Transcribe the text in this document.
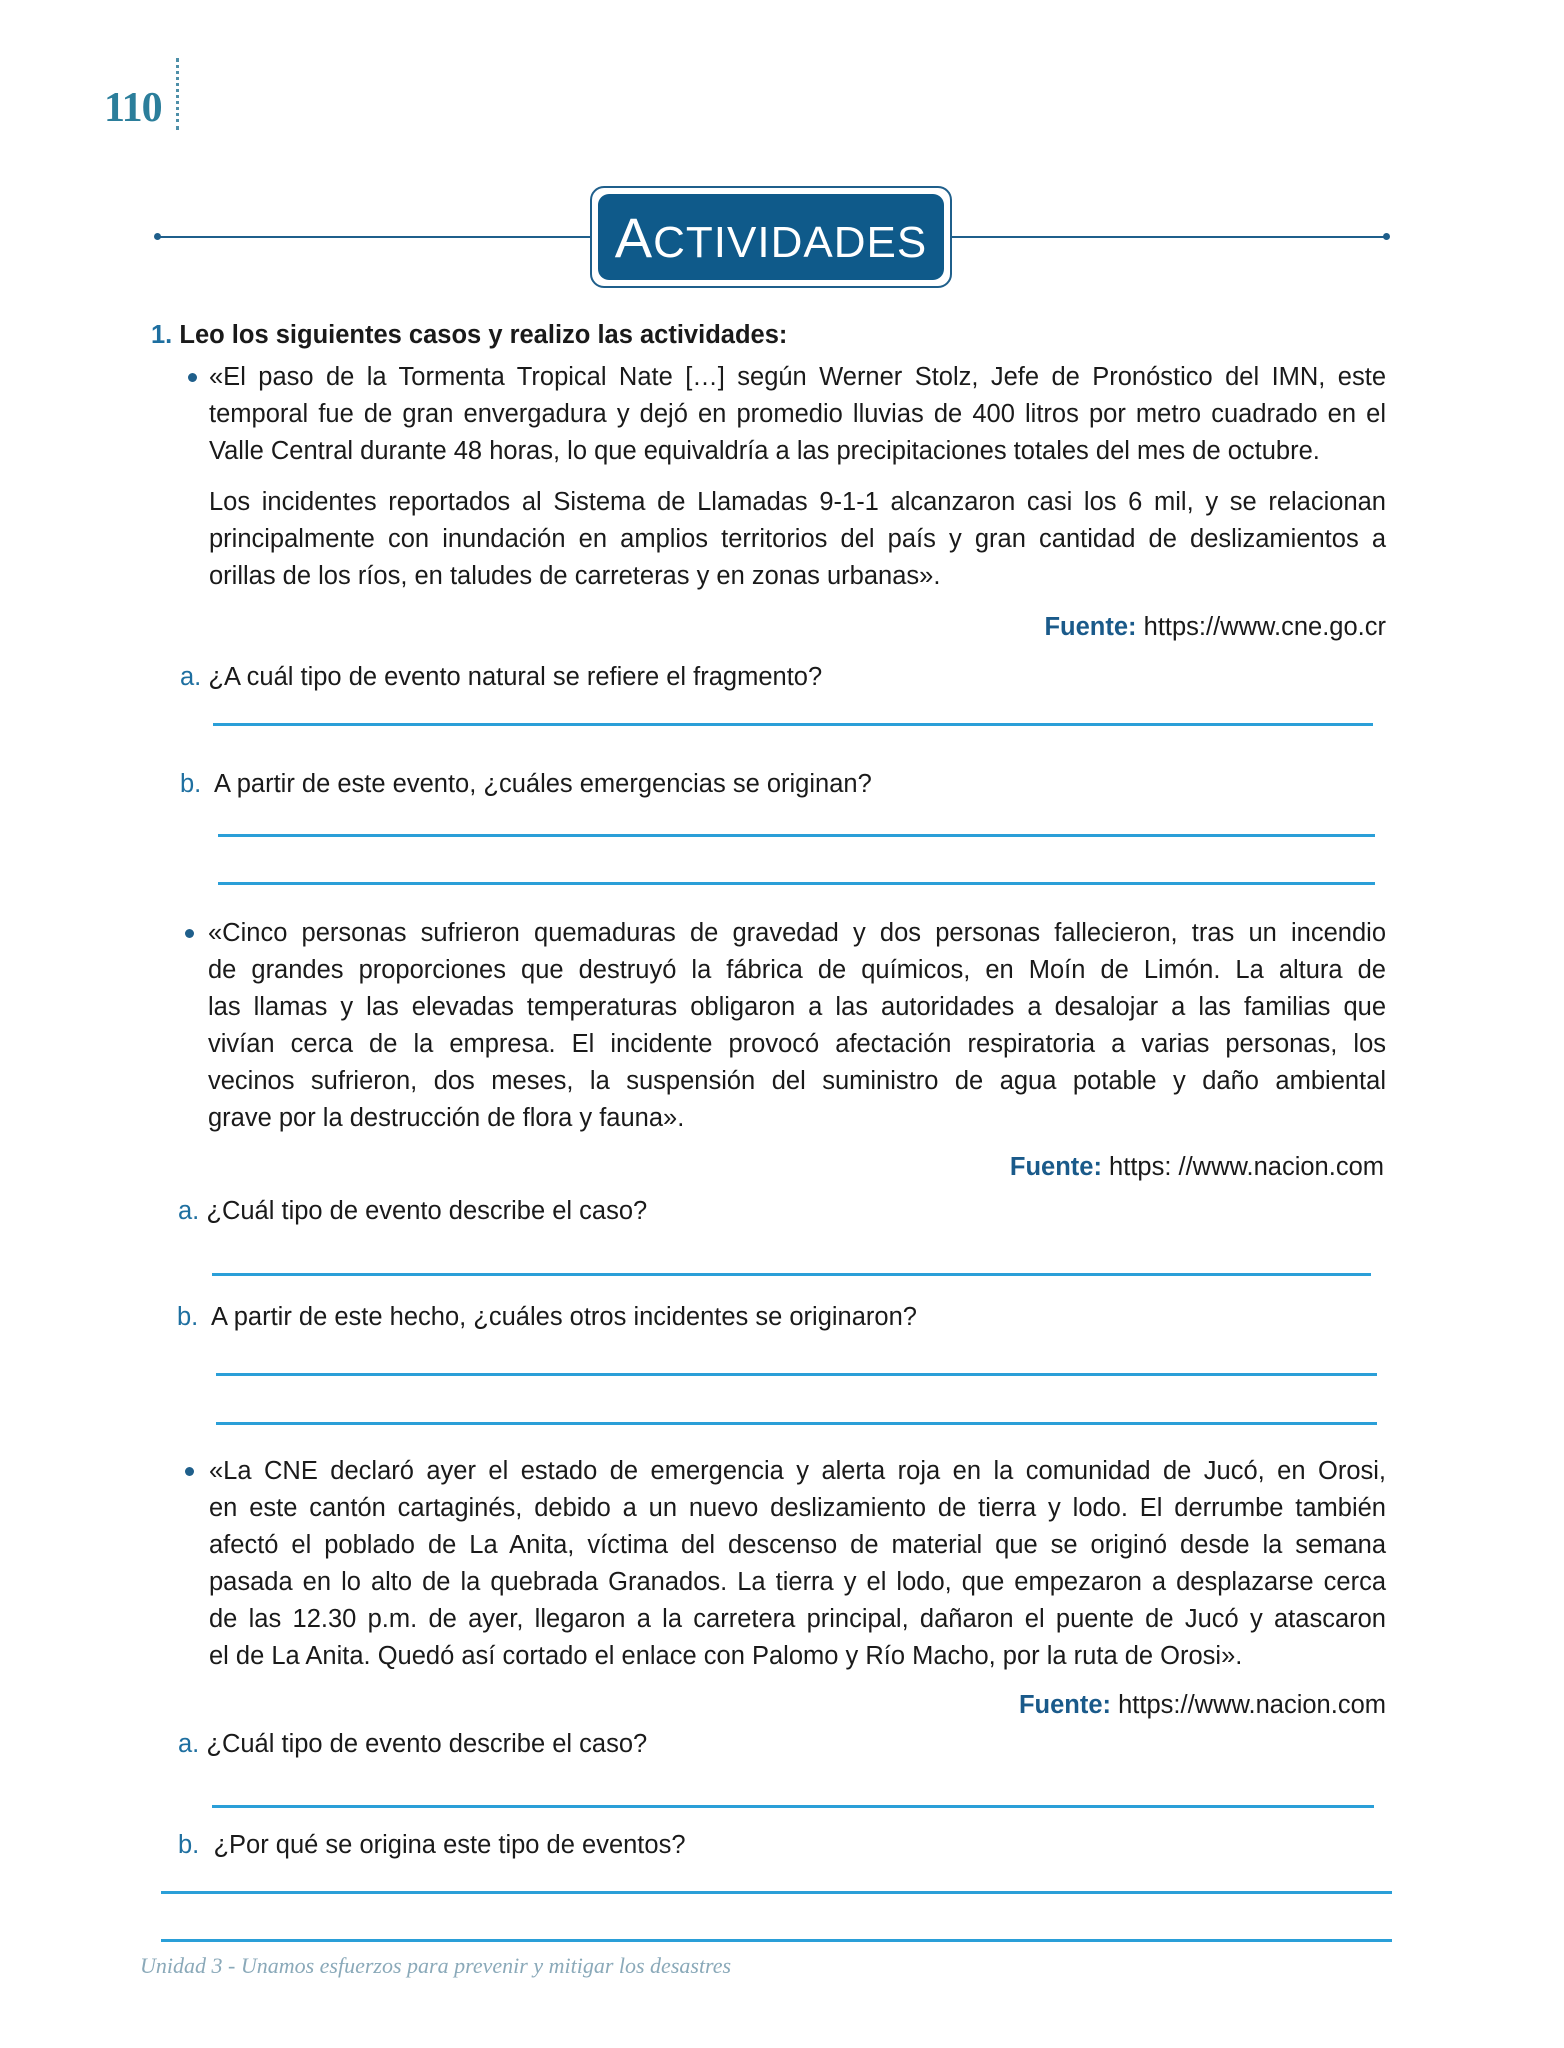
110
ACTIVIDADES
1. Leo los siguientes casos y realizo las actividades:
«El paso de la Tormenta Tropical Nate […] según Werner Stolz, Jefe de Pronóstico del IMN, este
temporal fue de gran envergadura y dejó en promedio lluvias de 400 litros por metro cuadrado en el
Valle Central durante 48 horas, lo que equivaldría a las precipitaciones totales del mes de octubre.
Los incidentes reportados al Sistema de Llamadas 9-1-1 alcanzaron casi los 6 mil, y se relacionan
principalmente con inundación en amplios territorios del país y gran cantidad de deslizamientos a
orillas de los ríos, en taludes de carreteras y en zonas urbanas».
Fuente: https://www.cne.go.cr
a. ¿A cuál tipo de evento natural se refiere el fragmento?
b. A partir de este evento, ¿cuáles emergencias se originan?
«Cinco personas sufrieron quemaduras de gravedad y dos personas fallecieron, tras un incendio
de grandes proporciones que destruyó la fábrica de químicos, en Moín de Limón. La altura de
las llamas y las elevadas temperaturas obligaron a las autoridades a desalojar a las familias que
vivían cerca de la empresa. El incidente provocó afectación respiratoria a varias personas, los
vecinos sufrieron, dos meses, la suspensión del suministro de agua potable y daño ambiental
grave por la destrucción de flora y fauna».
Fuente: https: //www.nacion.com
a. ¿Cuál tipo de evento describe el caso?
b. A partir de este hecho, ¿cuáles otros incidentes se originaron?
«La CNE declaró ayer el estado de emergencia y alerta roja en la comunidad de Jucó, en Orosi,
en este cantón cartaginés, debido a un nuevo deslizamiento de tierra y lodo. El derrumbe también
afectó el poblado de La Anita, víctima del descenso de material que se originó desde la semana
pasada en lo alto de la quebrada Granados. La tierra y el lodo, que empezaron a desplazarse cerca
de las 12.30 p.m. de ayer, llegaron a la carretera principal, dañaron el puente de Jucó y atascaron
el de La Anita. Quedó así cortado el enlace con Palomo y Río Macho, por la ruta de Orosi».
Fuente: https://www.nacion.com
a. ¿Cuál tipo de evento describe el caso?
b. ¿Por qué se origina este tipo de eventos?
Unidad 3 - Unamos esfuerzos para prevenir y mitigar los desastres
